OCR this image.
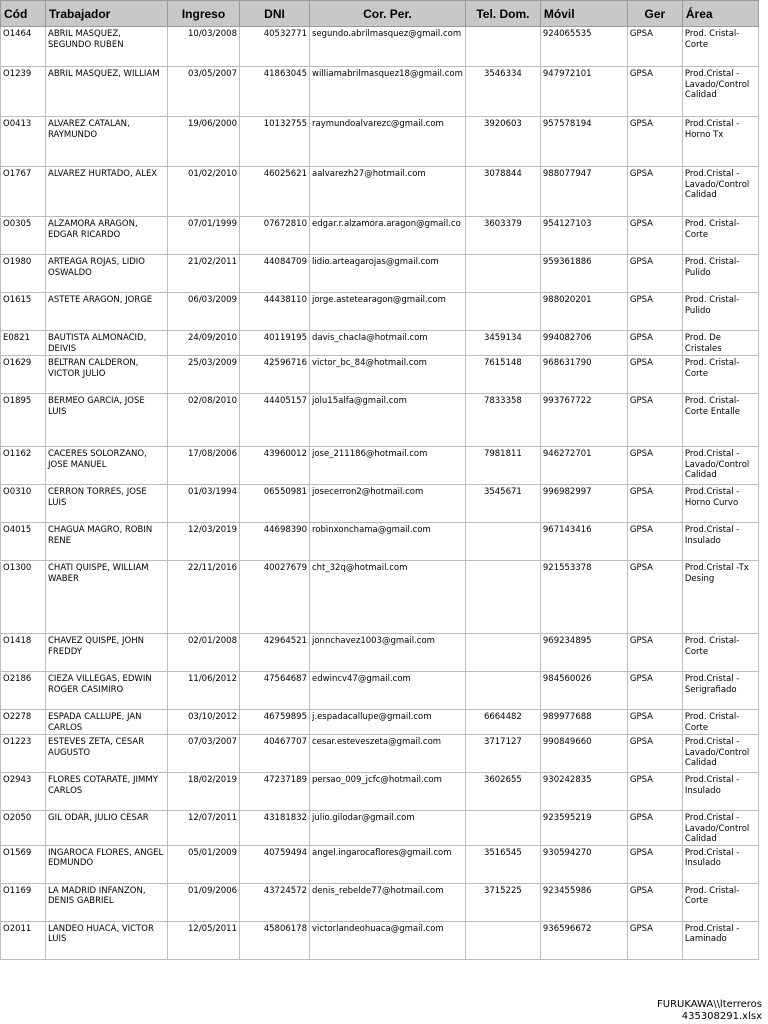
Cód	Trabajador	Ingreso	DNI	Cor. Per.	Tel. Dom.	Móvil	Ger	Área
O1464	ABRIL MASQUEZ, SEGUNDO RUBEN	10/03/2008	40532771	segundo.abrilmasquez@gmail.com		924065535	GPSA	Prod. Cristal-Corte
O1239	ABRIL MASQUEZ, WILLIAM	03/05/2007	41863045	williamabrilmasquez18@gmail.com	3546334	947972101	GPSA	Prod.Cristal -Lavado/Control Calidad
O0413	ALVAREZ CATALAN, RAYMUNDO	19/06/2000	10132755	raymundoalvarezc@gmail.com	3920603	957578194	GPSA	Prod.Cristal -Horno Tx
O1767	ALVAREZ HURTADO, ALEX	01/02/2010	46025621	aalvarezh27@hotmail.com	3078844	988077947	GPSA	Prod.Cristal -Lavado/Control Calidad
O0305	ALZAMORA ARAGON, EDGAR RICARDO	07/01/1999	07672810	edgar.r.alzamora.aragon@gmail.co	3603379	954127103	GPSA	Prod. Cristal-Corte
O1980	ARTEAGA ROJAS, LIDIO OSWALDO	21/02/2011	44084709	lidio.arteagarojas@gmail.com		959361886	GPSA	Prod. Cristal-Pulido
O1615	ASTETE ARAGON, JORGE	06/03/2009	44438110	jorge.astetearagon@gmail.com		988020201	GPSA	Prod. Cristal-Pulido
E0821	BAUTISTA ALMONACID, DEIVIS	24/09/2010	40119195	davis_chacla@hotmail.com	3459134	994082706	GPSA	Prod. De Cristales
O1629	BELTRAN CALDERON, VICTOR JULIO	25/03/2009	42596716	victor_bc_84@hotmail.com	7615148	968631790	GPSA	Prod. Cristal-Corte
O1895	BERMEO GARCIA, JOSE LUIS	02/08/2010	44405157	jolu15alfa@gmail.com	7833358	993767722	GPSA	Prod. Cristal-Corte Entalle
O1162	CACERES SOLORZANO, JOSE MANUEL	17/08/2006	43960012	jose_211186@hotmail.com	7981811	946272701	GPSA	Prod.Cristal -Lavado/Control Calidad
O0310	CERRON TORRES, JOSE LUIS	01/03/1994	06550981	josecerron2@hotmail.com	3545671	996982997	GPSA	Prod.Cristal -Horno Curvo
O4015	CHAGUA MAGRO, ROBIN RENE	12/03/2019	44698390	robinxonchama@gmail.com		967143416	GPSA	Prod.Cristal -Insulado
O1300	CHATI QUISPE, WILLIAM WABER	22/11/2016	40027679	cht_32q@hotmail.com		921553378	GPSA	Prod.Cristal -Tx Desing
O1418	CHAVEZ QUISPE, JOHN FREDDY	02/01/2008	42964521	jonnchavez1003@gmail.com		969234895	GPSA	Prod. Cristal-Corte
O2186	CIEZA VILLEGAS, EDWIN ROGER CASIMIRO	11/06/2012	47564687	edwincv47@gmail.com		984560026	GPSA	Prod.Cristal -Serigrafiado
O2278	ESPADA CALLUPE, JAN CARLOS	03/10/2012	46759895	j.espadacallupe@gmail.com	6664482	989977688	GPSA	Prod. Cristal-Corte
O1223	ESTEVES ZETA, CESAR AUGUSTO	07/03/2007	40467707	cesar.esteveszeta@gmail.com	3717127	990849660	GPSA	Prod.Cristal -Lavado/Control Calidad
O2943	FLORES COTARATE, JIMMY CARLOS	18/02/2019	47237189	persao_009_jcfc@hotmail.com	3602655	930242835	GPSA	Prod.Cristal -Insulado
O2050	GIL ODAR, JULIO CESAR	12/07/2011	43181832	julio.gilodar@gmail.com		923595219	GPSA	Prod.Cristal -Lavado/Control Calidad
O1569	INGAROCA FLORES, ANGEL EDMUNDO	05/01/2009	40759494	angel.ingarocaflores@gmail.com	3516545	930594270	GPSA	Prod.Cristal -Insulado
O1169	LA MADRID INFANZON, DENIS GABRIEL	01/09/2006	43724572	denis_rebelde77@hotmail.com	3715225	923455986	GPSA	Prod. Cristal-Corte
O2011	LANDEO HUACA, VICTOR LUIS	12/05/2011	45806178	victorlandeohuaca@gmail.com		936596672	GPSA	Prod.Cristal -Laminado
FURUKAWA\\lterreros
435308291.xlsx
